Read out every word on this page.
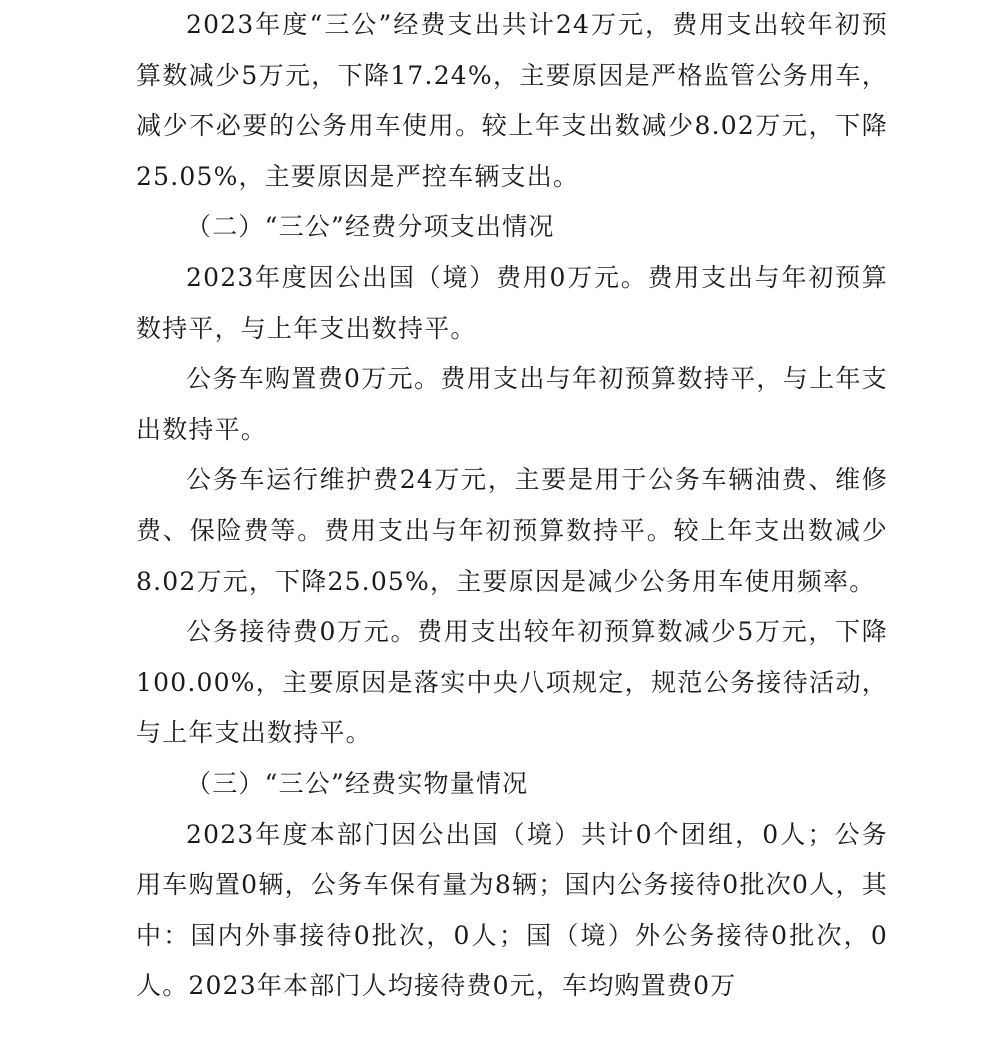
2023年度“三公”经费支出共计24万元，费用支出较年初预算数减少5万元，下降17.24%，主要原因是严格监管公务用车，减少不必要的公务用车使用。较上年支出数减少8.02万元，下降25.05%，主要原因是严控车辆支出。

（二）“三公”经费分项支出情况

2023年度因公出国（境）费用0万元。费用支出与年初预算数持平，与上年支出数持平。

公务车购置费0万元。费用支出与年初预算数持平，与上年支出数持平。

公务车运行维护费24万元，主要是用于公务车辆油费、维修费、保险费等。费用支出与年初预算数持平。较上年支出数减少8.02万元，下降25.05%，主要原因是减少公务用车使用频率。

公务接待费0万元。费用支出较年初预算数减少5万元，下降100.00%，主要原因是落实中央八项规定，规范公务接待活动，与上年支出数持平。

（三）“三公”经费实物量情况

2023年度本部门因公出国（境）共计0个团组，0人；公务用车购置0辆，公务车保有量为8辆；国内公务接待0批次0人，其中：国内外事接待0批次，0人；国（境）外公务接待0批次，0人。2023年本部门人均接待费0元，车均购置费0万
